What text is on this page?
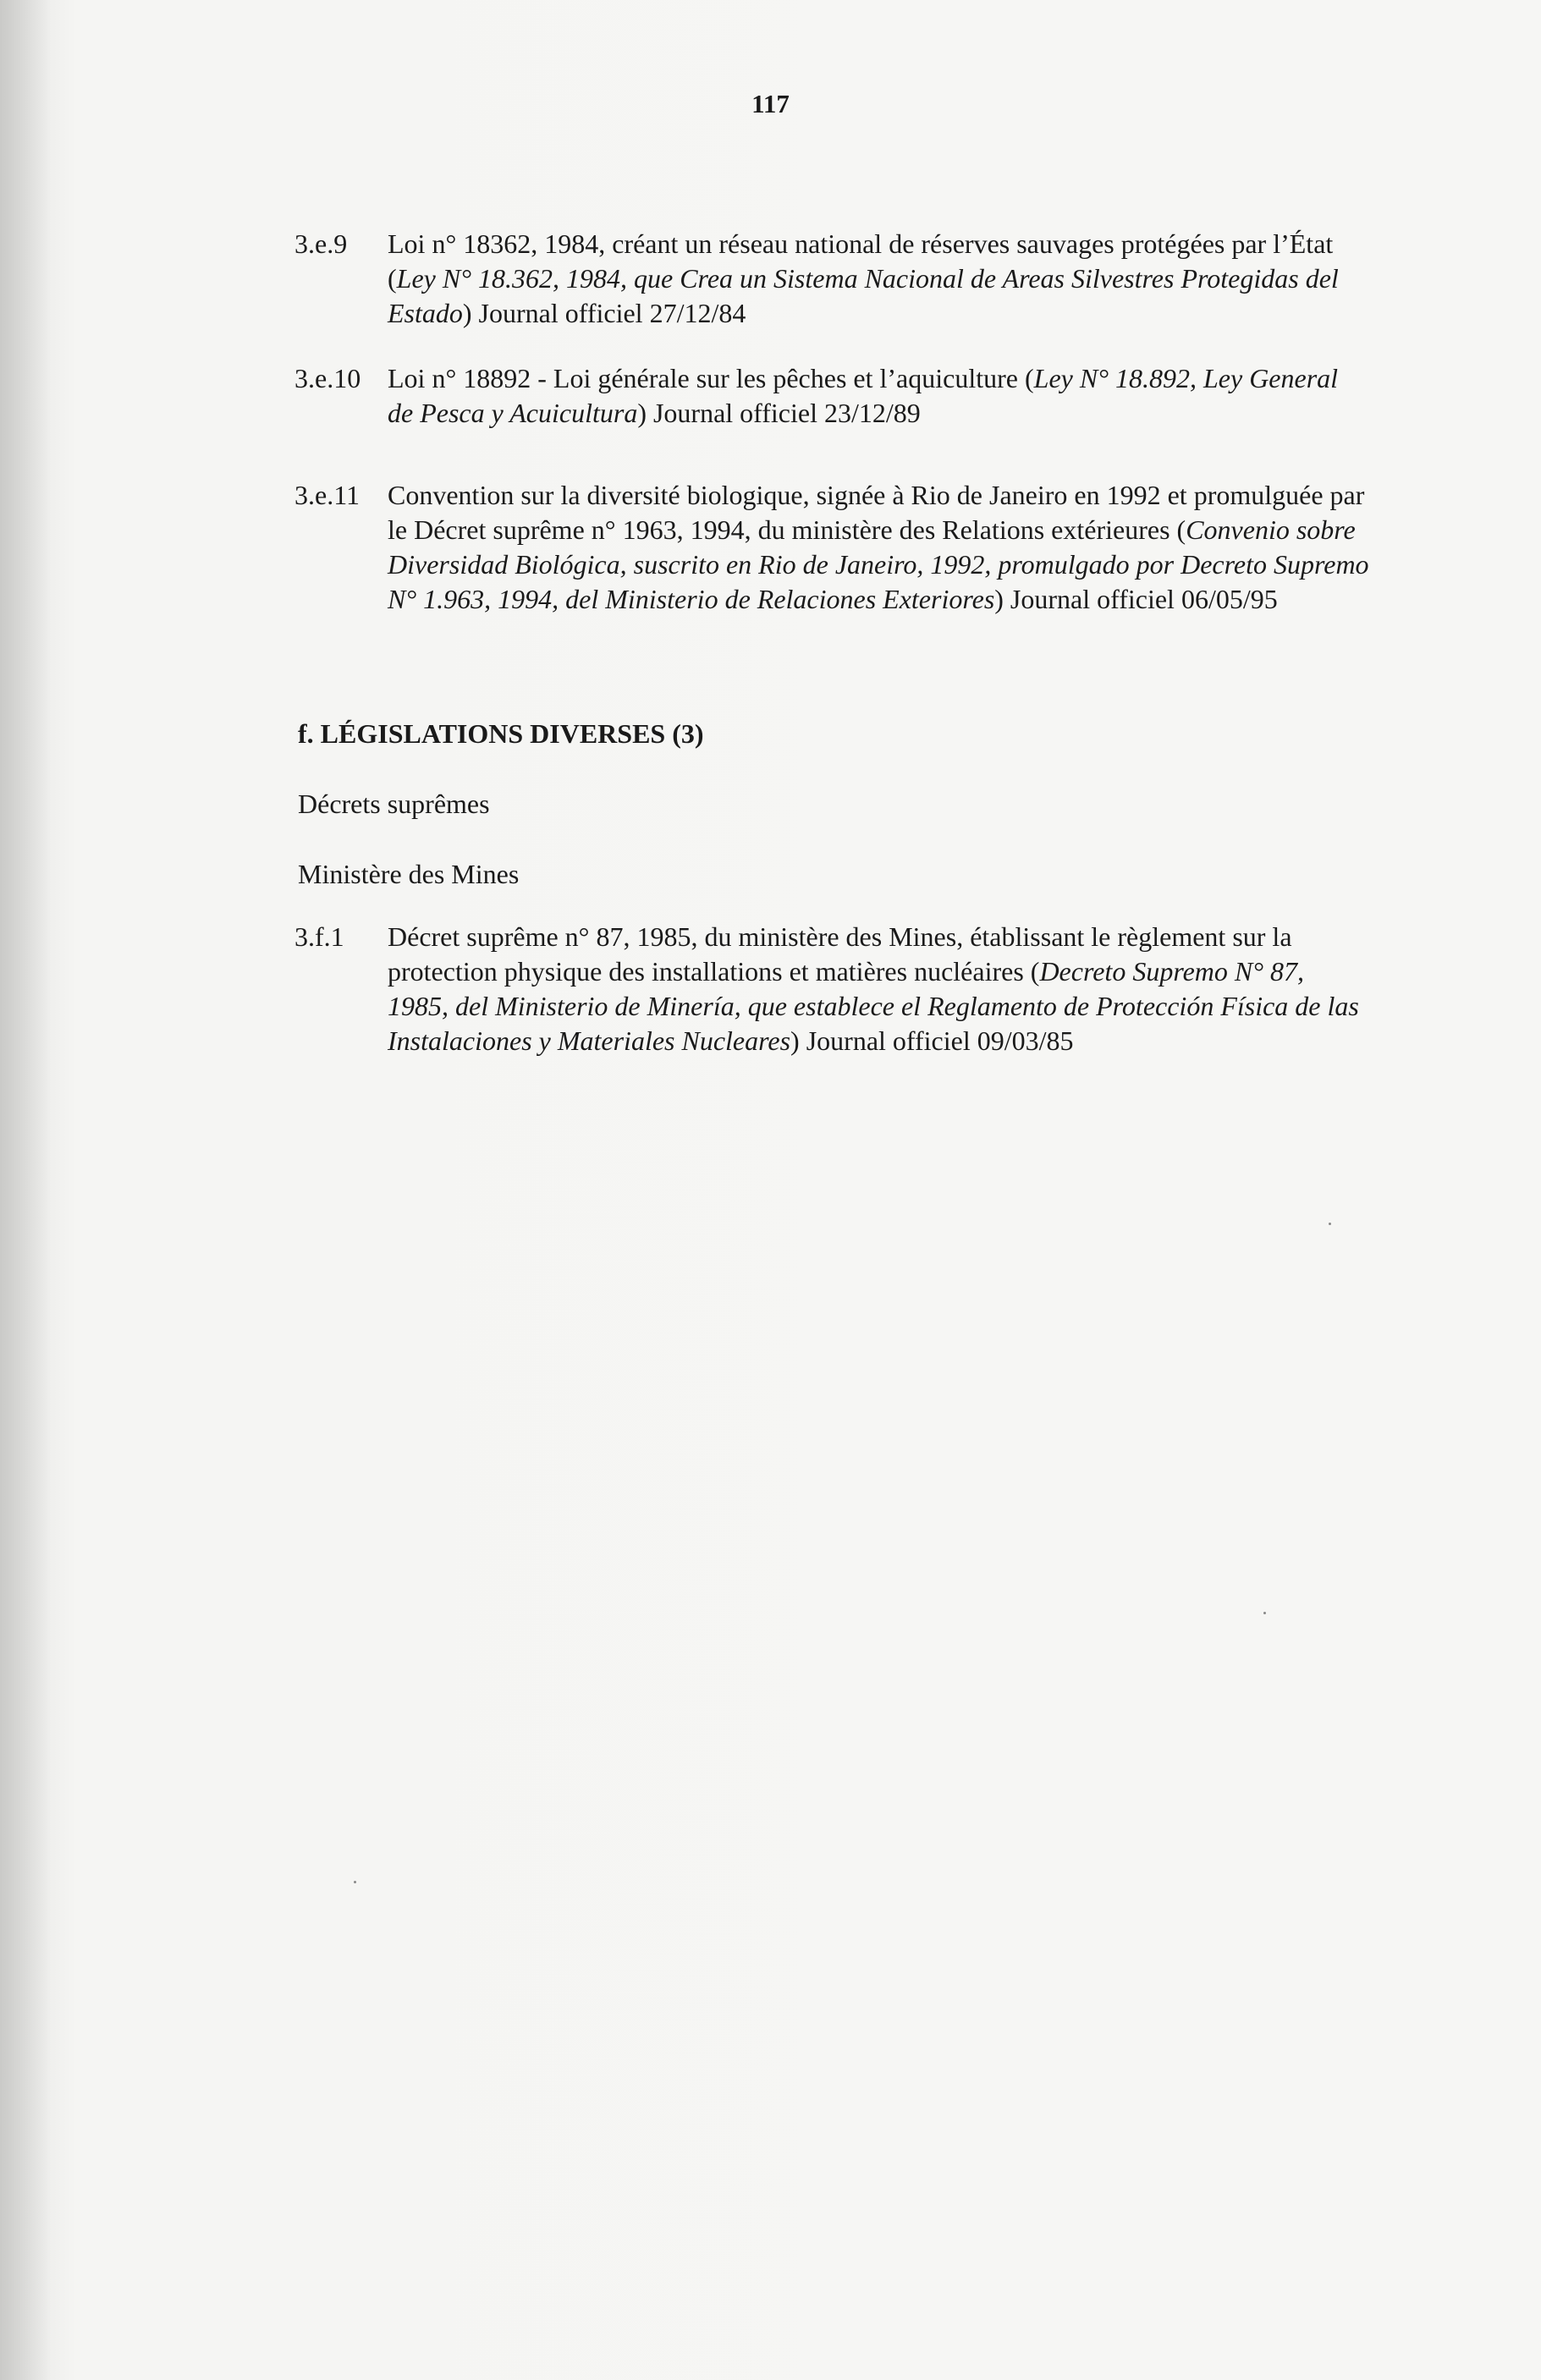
117
3.e.9	Loi n° 18362, 1984, créant un réseau national de réserves sauvages protégées par l’État (Ley N° 18.362, 1984, que Crea un Sistema Nacional de Areas Silvestres Protegidas del Estado) Journal officiel 27/12/84
3.e.10 Loi n° 18892 - Loi générale sur les pêches et l’aquiculture (Ley N° 18.892, Ley General de Pesca y Acuicultura) Journal officiel 23/12/89
3.e.11	Convention sur la diversité biologique, signée à Rio de Janeiro en 1992 et promulguée par le Décret suprême n° 1963, 1994, du ministère des Relations extérieures (Convenio sobre Diversidad Biológica, suscrito en Rio de Janeiro, 1992, promulgado por Decreto Supremo N° 1.963, 1994, del Ministerio de Relaciones Exteriores) Journal officiel 06/05/95
f. LÉGISLATIONS DIVERSES (3)
Décrets suprêmes
Ministère des Mines
3.f.1	Décret suprême n° 87, 1985, du ministère des Mines, établissant le règlement sur la protection physique des installations et matières nucléaires (Decreto Supremo N° 87, 1985, del Ministerio de Minería, que establece el Reglamento de Protección Física de las Instalaciones y Materiales Nucleares) Journal officiel 09/03/85
